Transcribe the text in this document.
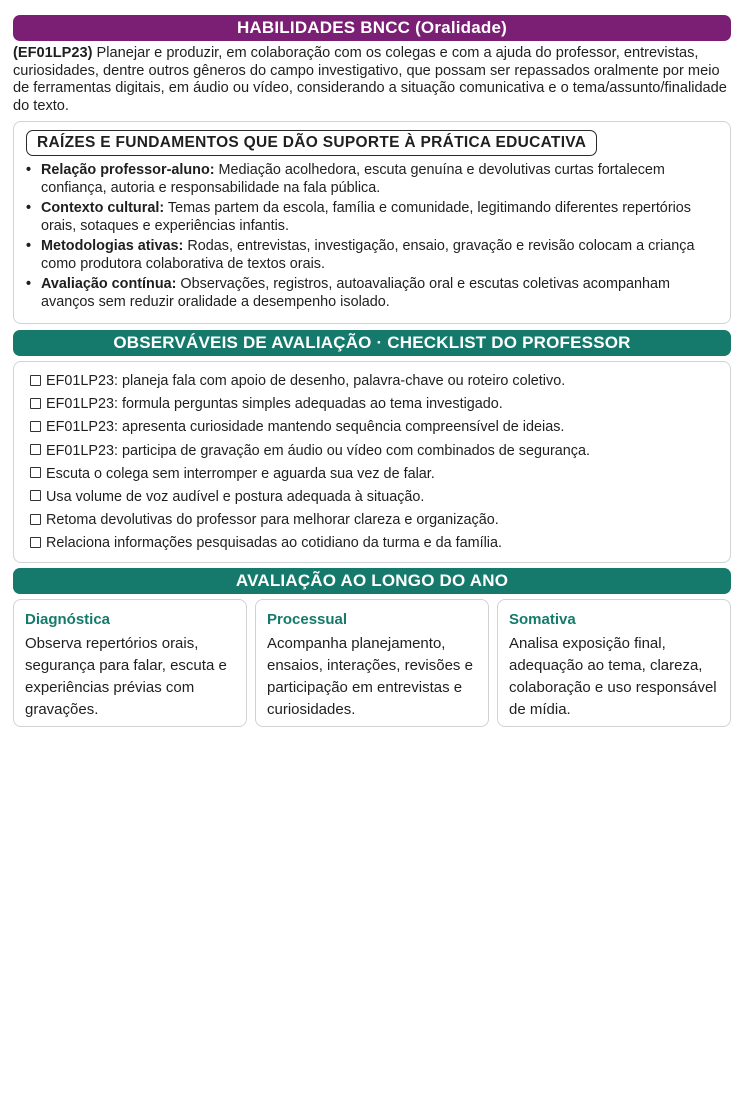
HABILIDADES BNCC (Oralidade)
(EF01LP23) Planejar e produzir, em colaboração com os colegas e com a ajuda do professor, entrevistas, curiosidades, dentre outros gêneros do campo investigativo, que possam ser repassados oralmente por meio de ferramentas digitais, em áudio ou vídeo, considerando a situação comunicativa e o tema/assunto/finalidade do texto.
RAÍZES E FUNDAMENTOS QUE DÃO SUPORTE À PRÁTICA EDUCATIVA
• Relação professor-aluno: Mediação acolhedora, escuta genuína e devolutivas curtas fortalecem confiança, autoria e responsabilidade na fala pública.
• Contexto cultural: Temas partem da escola, família e comunidade, legitimando diferentes repertórios orais, sotaques e experiências infantis.
• Metodologias ativas: Rodas, entrevistas, investigação, ensaio, gravação e revisão colocam a criança como produtora colaborativa de textos orais.
• Avaliação contínua: Observações, registros, autoavaliação oral e escutas coletivas acompanham avanços sem reduzir oralidade a desempenho isolado.
OBSERVÁVEIS DE AVALIAÇÃO · CHECKLIST DO PROFESSOR
EF01LP23: planeja fala com apoio de desenho, palavra-chave ou roteiro coletivo.
EF01LP23: formula perguntas simples adequadas ao tema investigado.
EF01LP23: apresenta curiosidade mantendo sequência compreensível de ideias.
EF01LP23: participa de gravação em áudio ou vídeo com combinados de segurança.
Escuta o colega sem interromper e aguarda sua vez de falar.
Usa volume de voz audível e postura adequada à situação.
Retoma devolutivas do professor para melhorar clareza e organização.
Relaciona informações pesquisadas ao cotidiano da turma e da família.
AVALIAÇÃO AO LONGO DO ANO
Diagnóstica
Observa repertórios orais, segurança para falar, escuta e experiências prévias com gravações.
Processual
Acompanha planejamento, ensaios, interações, revisões e participação em entrevistas e curiosidades.
Somativa
Analisa exposição final, adequação ao tema, clareza, colaboração e uso responsável de mídia.
